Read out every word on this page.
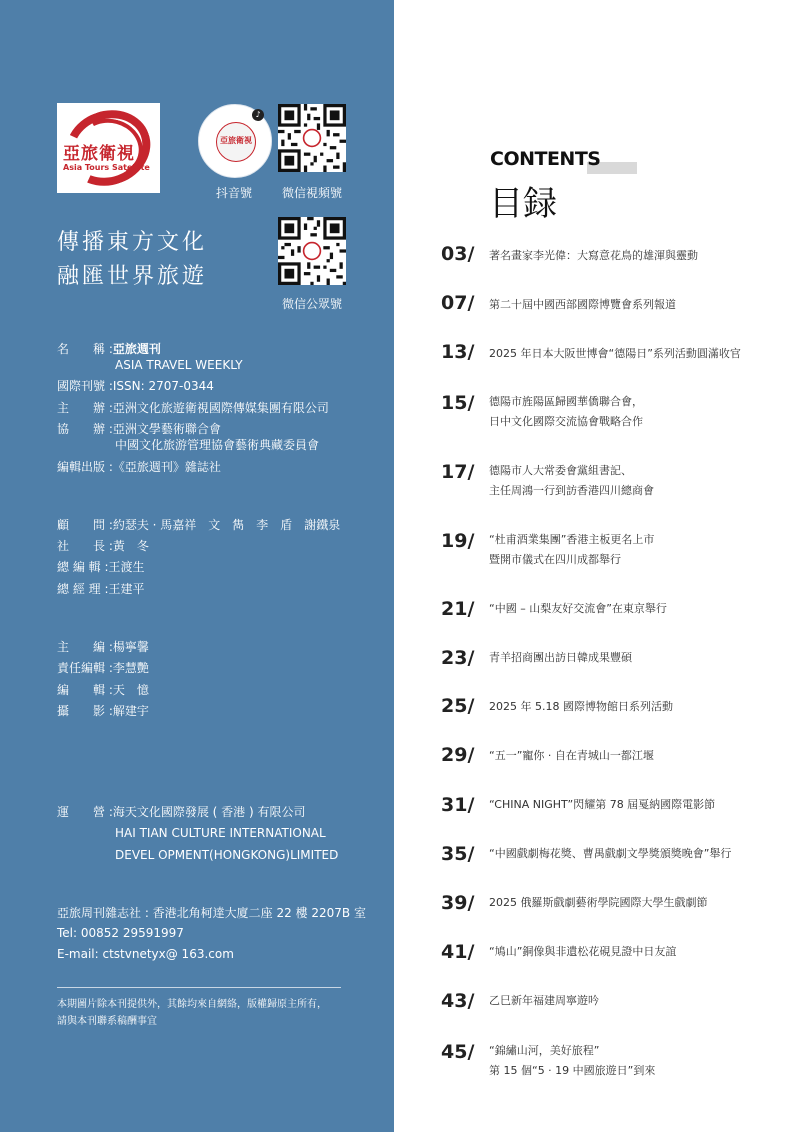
亞旅衛視
Asia Tours Satellite
♪
亞旅衛視
抖音號 微信視頻號
微信公眾號
傳播東方文化
融匯世界旅遊
名　　稱 :亞旅週刊
ASIA TRAVEL WEEKLY
國際刊號 :ISSN: 2707-0344
主　　辦 :亞洲文化旅遊衛視國際傳媒集團有限公司
協　　辦 :亞洲文學藝術聯合會
中國文化旅游管理協會藝術典藏委員會
編輯出版 :《亞旅週刊》雜誌社
顧　　問 :約瑟夫 · 馬嘉祥　文　雋　李　盾　謝鐵泉
社　　長 :黃　冬
總 編 輯 :王渡生
總 經 理 :王建平
主　　編 :楊寧馨
責任編輯 :李慧艷
編　　輯 :天　憶
攝　　影 :解建宇
運　　營 :海天文化國際發展 ( 香港 ) 有限公司
HAI TIAN CULTURE INTERNATIONAL
DEVEL OPMENT(HONGKONG)LIMITED
亞旅周刊雜志社 : 香港北角柯達大廈二座 22 樓 2207B 室
Tel: 00852 29591997
E-mail: ctstvnetyx@ 163.com
本期圖片除本刊提供外，其餘均來自網絡，版權歸原主所有，
請與本刊聯系稿酬事宜
CONTENTS
目録
03/ 著名畫家李光偉：大寫意花鳥的雄渾與靈動
07/ 第二十屆中國西部國際博覽會系列報道
13/ 2025 年日本大阪世博會“德陽日”系列活動圓滿收官
15/ 德陽市旌陽區歸國華僑聯合會，
日中文化國際交流協會戰略合作
17/ 德陽市人大常委會黨組書記、
主任周鴻一行到訪香港四川總商會
19/ “杜甫酒業集團”香港主板更名上市
暨開市儀式在四川成都舉行
21/ “中國 – 山梨友好交流會”在東京舉行
23/ 青羊招商團出訪日韓成果豐碩
25/ 2025 年 5.18 國際博物館日系列活動
29/ “五一”寵你 · 自在青城山一都江堰
31/ “CHINA NIGHT”閃耀第 78 屆戛納國際電影節
35/ “中國戲劇梅花獎、曹禺戲劇文學獎頒獎晚會”舉行
39/ 2025 俄羅斯戲劇藝術學院國際大學生戲劇節
41/ “鳩山”銅像與非遺松花硯見證中日友誼
43/ 乙巳新年福建周寧遊吟
45/ “錦繡山河，美好旅程”
第 15 個“5 · 19 中國旅遊日”到來
